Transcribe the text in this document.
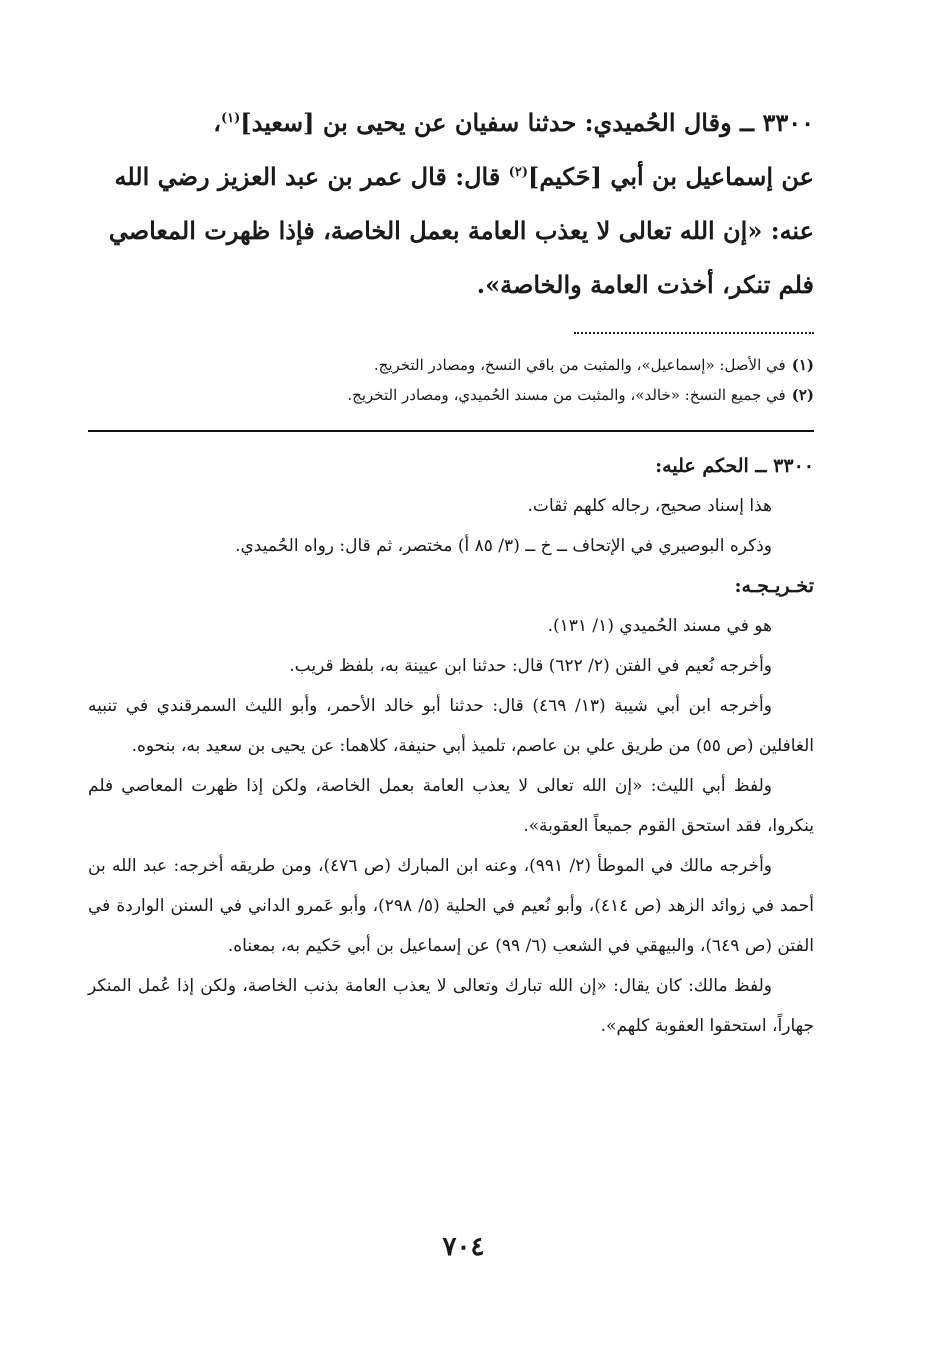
٣٣٠٠ ــ وقال الحُميدي: حدثنا سفيان عن يحيى بن [سعيد]$^{(١)}$،

عن إسماعيل بن أبي [حَكيم]$^{(٢)}$ قال: قال عمر بن عبد العزيز رضي الله

عنه: «إن الله تعالى لا يعذب العامة بعمل الخاصة، فإذا ظهرت المعاصي

فلم تنكر، أخذت العامة والخاصة».

(١)في الأصل: «إسماعيل»، والمثبت من باقي النسخ، ومصادر التخريج.

(٢)في جميع النسخ: «خالد»، والمثبت من مسند الحُميدي، ومصادر التخريج.

٣٣٠٠ ــ الحكم عليه:

هذا إسناد صحيح، رجاله كلهم ثقات.

وذكره البوصيري في الإتحاف ــ خ ــ (٣/ ٨٥ أ) مختصر، ثم قال: رواه الحُميدي.

تخـريـجـه:

هو في مسند الحُميدي (١/ ١٣١).

وأخرجه نُعيم في الفتن (٢/ ٦٢٢) قال: حدثنا ابن عيينة به، بلفظ قريب.

وأخرجه ابن أبي شيبة (١٣/ ٤٦٩) قال: حدثنا أبو خالد الأحمر، وأبو الليث السمرقندي في تنبيه الغافلين (ص ٥٥) من طريق علي بن عاصم، تلميذ أبي حنيفة، كلاهما: عن يحيى بن سعيد به، بنحوه.

ولفظ أبي الليث: «إن الله تعالى لا يعذب العامة بعمل الخاصة، ولكن إذا ظهرت المعاصي فلم ينكروا، فقد استحق القوم جميعاً العقوبة».

وأخرجه مالك في الموطأ (٢/ ٩٩١)، وعنه ابن المبارك (ص ٤٧٦)، ومن طريقه أخرجه: عبد الله بن أحمد في زوائد الزهد (ص ٤١٤)، وأبو نُعيم في الحلية (٥/ ٢٩٨)، وأبو عَمرو الداني في السنن الواردة في الفتن (ص ٦٤٩)، والبيهقي في الشعب (٦/ ٩٩) عن إسماعيل بن أبي حَكيم به، بمعناه.

ولفظ مالك: كان يقال: «إن الله تبارك وتعالى لا يعذب العامة بذنب الخاصة، ولكن إذا عُمل المنكر جهاراً، استحقوا العقوبة كلهم».

٧٠٤
